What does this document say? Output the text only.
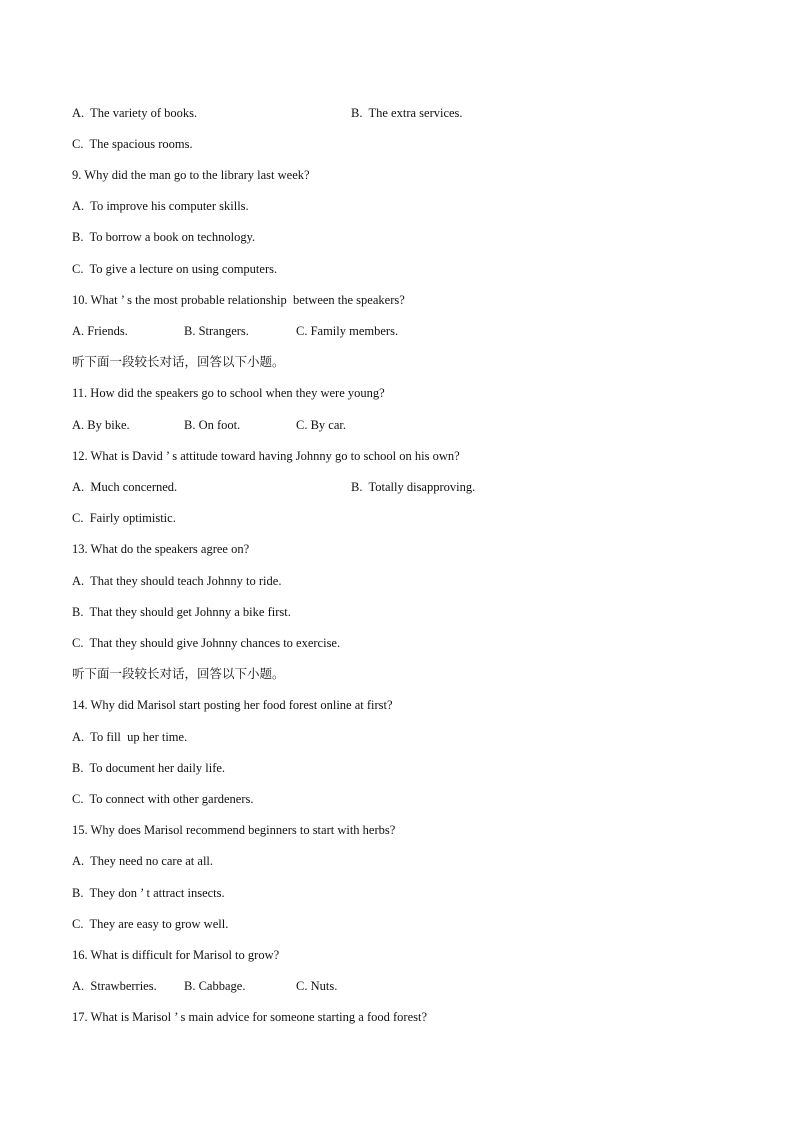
A.  The variety of books.	B.  The extra services.
C.  The spacious rooms.
9. Why did the man go to the library last week?
A.  To improve his computer skills.
B.  To borrow a book on technology.
C.  To give a lecture on using computers.
10. What ’ s the most probable relationship  between the speakers?
A. Friends.	B. Strangers.	C. Family members.
听下面一段较长对话，回答以下小题。
11. How did the speakers go to school when they were young?
A. By bike.	B. On foot.	C. By car.
12. What is David ’ s attitude toward having Johnny go to school on his own?
A.  Much concerned.	B.  Totally disapproving.
C.  Fairly optimistic.
13. What do the speakers agree on?
A.  That they should teach Johnny to ride.
B.  That they should get Johnny a bike first.
C.  That they should give Johnny chances to exercise.
听下面一段较长对话，回答以下小题。
14. Why did Marisol start posting her food forest online at first?
A.  To fill  up her time.
B.  To document her daily life.
C.  To connect with other gardeners.
15. Why does Marisol recommend beginners to start with herbs?
A.  They need no care at all.
B.  They don ’ t attract insects.
C.  They are easy to grow well.
16. What is difficult for Marisol to grow?
A.  Strawberries. B. Cabbage.	C. Nuts.
17. What is Marisol ’ s main advice for someone starting a food forest?
